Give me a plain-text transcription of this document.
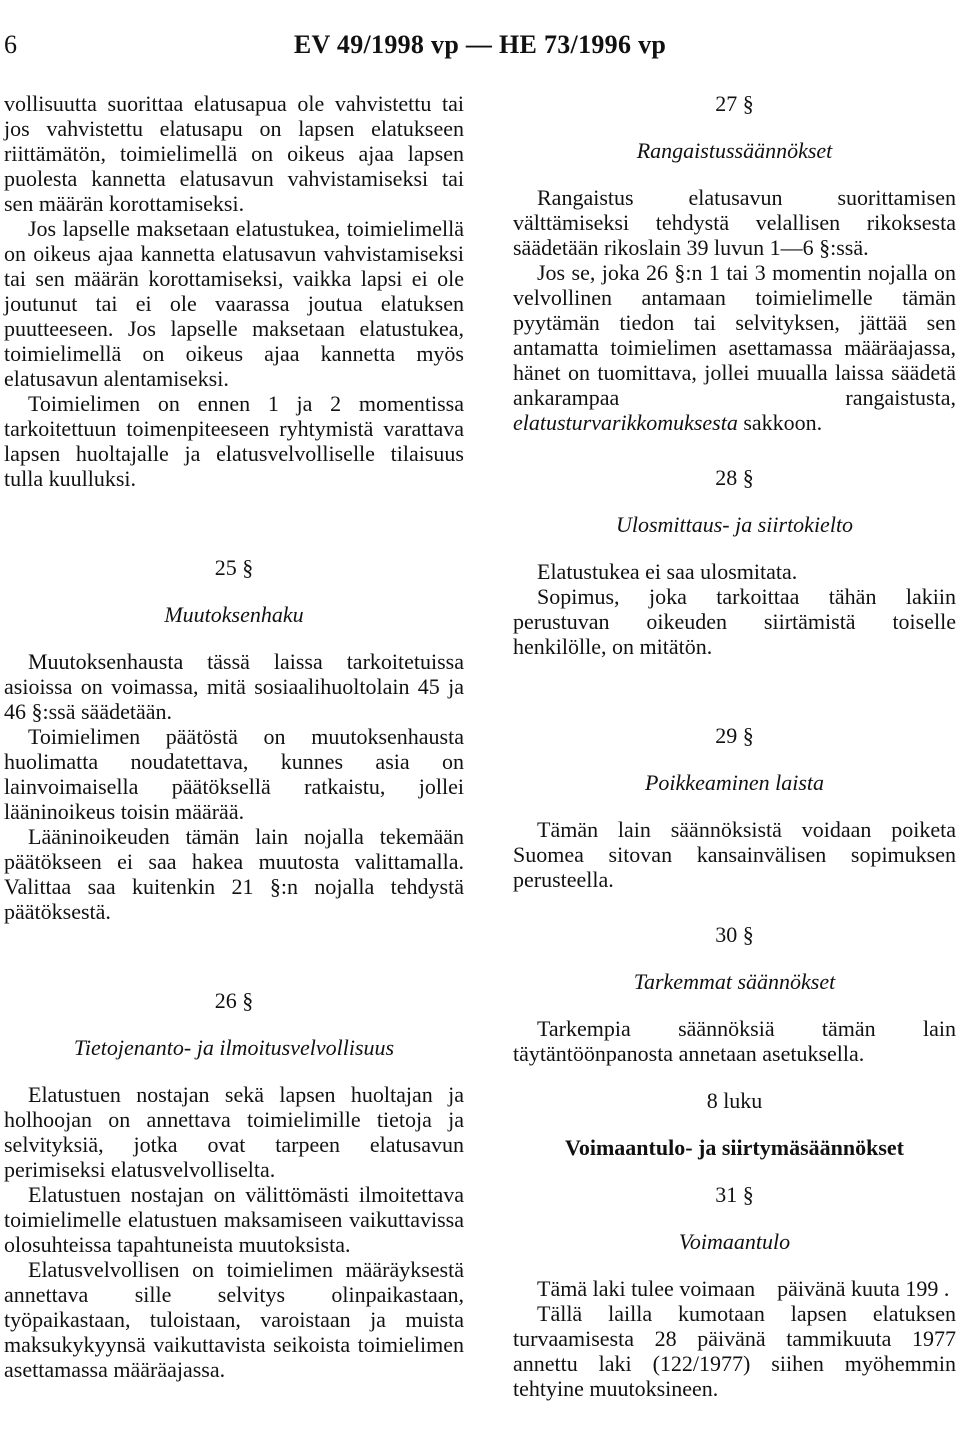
6	EV 49/1998 vp — HE 73/1996 vp

vollisuutta suorittaa elatusapua ole vahvistettu tai jos vahvistettu elatusapu on lapsen elatukseen riittämätön, toimielimellä on oikeus ajaa lapsen puolesta kannetta elatusavun vahvistamiseksi tai sen määrän korottamiseksi.

Jos lapselle maksetaan elatustukea, toimielimellä on oikeus ajaa kannetta elatusavun vahvistamiseksi tai sen määrän korottamiseksi, vaikka lapsi ei ole joutunut tai ei ole vaarassa joutua elatuksen puutteeseen. Jos lapselle maksetaan elatustukea, toimielimellä on oikeus ajaa kannetta myös elatusavun alentamiseksi.

Toimielimen on ennen 1 ja 2 momentissa tarkoitettuun toimenpiteeseen ryhtymistä varattava lapsen huoltajalle ja elatusvelvolliselle tilaisuus tulla kuulluksi.

25 §
Muutoksenhaku

Muutoksenhausta tässä laissa tarkoitetuissa asioissa on voimassa, mitä sosiaalihuoltolain 45 ja 46 §:ssä säädetään.

Toimielimen päätöstä on muutoksenhausta huolimatta noudatettava, kunnes asia on lainvoimaisella päätöksellä ratkaistu, jollei lääninoikeus toisin määrää.

Lääninoikeuden tämän lain nojalla tekemään päätökseen ei saa hakea muutosta valittamalla. Valittaa saa kuitenkin 21 §:n nojalla tehdystä päätöksestä.

26 §
Tietojenanto- ja ilmoitusvelvollisuus

Elatustuen nostajan sekä lapsen huoltajan ja holhoojan on annettava toimielimille tietoja ja selvityksiä, jotka ovat tarpeen elatusavun perimiseksi elatusvelvolliselta.

Elatustuen nostajan on välittömästi ilmoitettava toimielimelle elatustuen maksamiseen vaikuttavissa olosuhteissa tapahtuneista muutoksista.

Elatusvelvollisen on toimielimen määräyksestä annettava sille selvitys olinpaikastaan, työpaikastaan, tuloistaan, varoistaan ja muista maksukykyynsä vaikuttavista seikoista toimielimen asettamassa määräajassa.

27 §
Rangaistussäännökset

Rangaistus elatusavun suorittamisen välttämiseksi tehdystä velallisen rikoksesta säädetään rikoslain 39 luvun 1—6 §:ssä.

Jos se, joka 26 §:n 1 tai 3 momentin nojalla on velvollinen antamaan toimielimelle tämän pyytämän tiedon tai selvityksen, jättää sen antamatta toimielimen asettamassa määräajassa, hänet on tuomittava, jollei muualla laissa säädetä ankarampaa rangaistusta, elatusturvarikkomuksesta sakkoon.

28 §
Ulosmittaus- ja siirtokielto

Elatustukea ei saa ulosmitata.

Sopimus, joka tarkoittaa tähän lakiin perustuvan oikeuden siirtämistä toiselle henkilölle, on mitätön.

29 §
Poikkeaminen laista

Tämän lain säännöksistä voidaan poiketa Suomea sitovan kansainvälisen sopimuksen perusteella.

30 §
Tarkemmat säännökset

Tarkempia säännöksiä tämän lain täytäntöönpanosta annetaan asetuksella.

8 luku
Voimaantulo- ja siirtymäsäännökset
31 §
Voimaantulo

Tämä laki tulee voimaan    päivänä kuuta 199 .

Tällä lailla kumotaan lapsen elatuksen turvaamisesta 28 päivänä tammikuuta 1977 annettu laki (122/1977) siihen myöhemmin tehtyine muutoksineen.
